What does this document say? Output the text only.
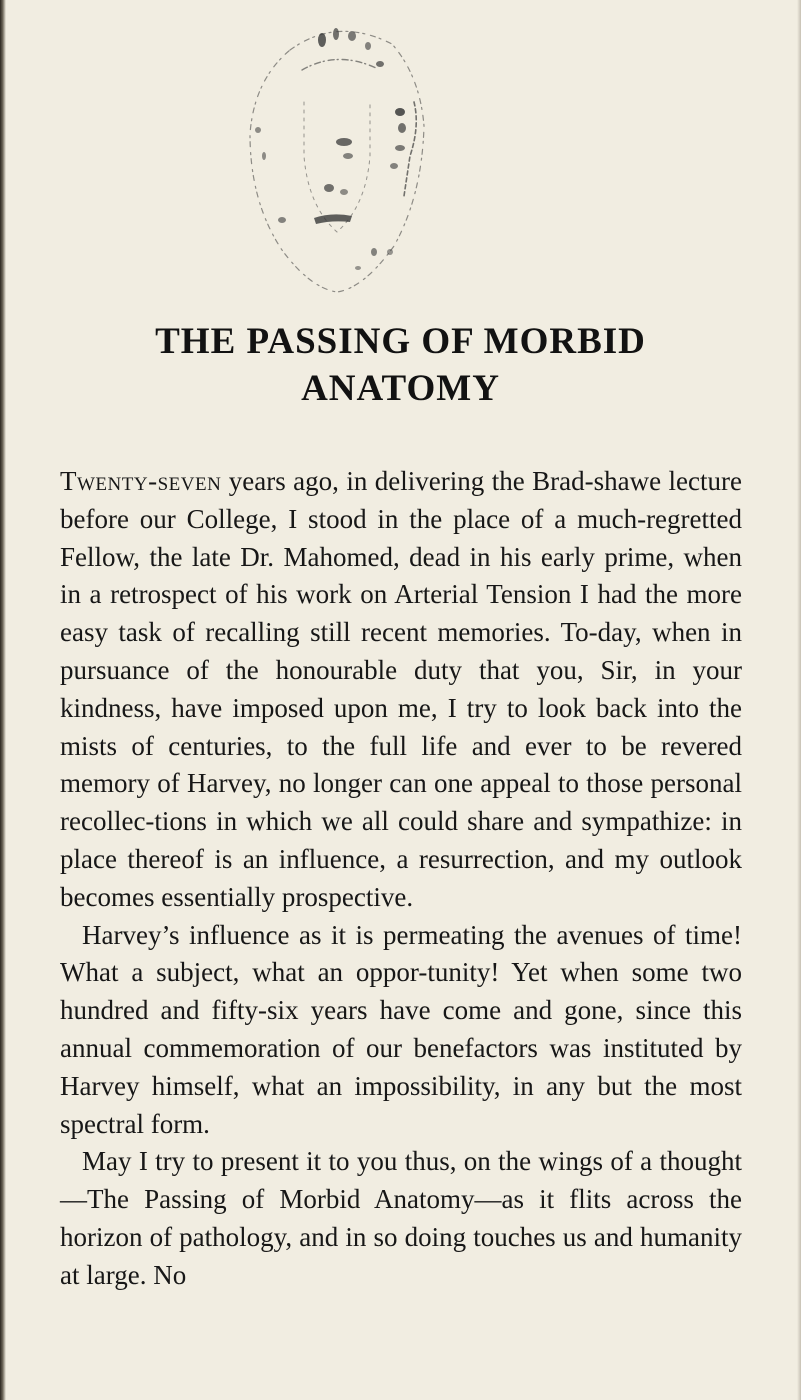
THE PASSING OF MORBID
ANATOMY

Twenty-seven years ago, in delivering the Brad-shawe lecture before our College, I stood in the place of a much-regretted Fellow, the late Dr. Mahomed, dead in his early prime, when in a retrospect of his work on Arterial Tension I had the more easy task of recalling still recent memories. To-day, when in pursuance of the honourable duty that you, Sir, in your kindness, have imposed upon me, I try to look back into the mists of centuries, to the full life and ever to be revered memory of Harvey, no longer can one appeal to those personal recollec-tions in which we all could share and sympathize: in place thereof is an influence, a resurrection, and my outlook becomes essentially prospective.

Harvey’s influence as it is permeating the avenues of time! What a subject, what an oppor-tunity! Yet when some two hundred and fifty-six years have come and gone, since this annual commemoration of our benefactors was instituted by Harvey himself, what an impossibility, in any but the most spectral form.

May I try to present it to you thus, on the wings of a thought—The Passing of Morbid Anatomy—as it flits across the horizon of pathology, and in so doing touches us and humanity at large. No
